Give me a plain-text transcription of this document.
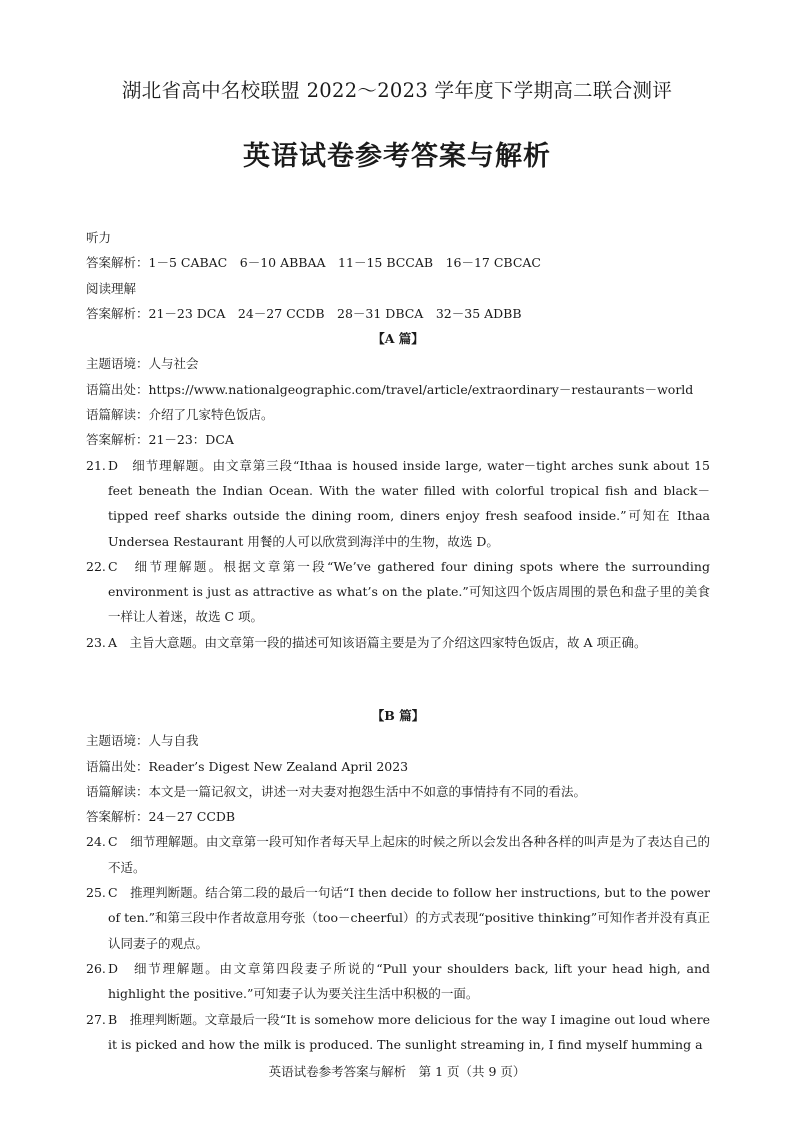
湖北省高中名校联盟 2022～2023 学年度下学期高二联合测评
英语试卷参考答案与解析
听力
答案解析：1－5 CABAC　6－10 ABBAA　11－15 BCCAB　16－17 CBCAC
阅读理解
答案解析：21－23 DCA　24－27 CCDB　28－31 DBCA　32－35 ADBB
【A 篇】
主题语境：人与社会
语篇出处：https://www.nationalgeographic.com/travel/article/extraordinary－restaurants－world
语篇解读：介绍了几家特色饭店。
答案解析：21－23：DCA
21. D　细节理解题。由文章第三段“Ithaa is housed inside large, water－tight arches sunk about 15 feet beneath the Indian Ocean. With the water filled with colorful tropical fish and black－tipped reef sharks outside the dining room, diners enjoy fresh seafood inside.”可知在 Ithaa Undersea Restaurant 用餐的人可以欣赏到海洋中的生物，故选 D。
22. C　细节理解题。根据文章第一段“We’ve gathered four dining spots where the surrounding environment is just as attractive as what’s on the plate.”可知这四个饭店周围的景色和盘子里的美食一样让人着迷，故选 C 项。
23. A　主旨大意题。由文章第一段的描述可知该语篇主要是为了介绍这四家特色饭店，故 A 项正确。
【B 篇】
主题语境：人与自我
语篇出处：Reader’s Digest New Zealand April 2023
语篇解读：本文是一篇记叙文，讲述一对夫妻对抱怨生活中不如意的事情持有不同的看法。
答案解析：24－27 CCDB
24. C　细节理解题。由文章第一段可知作者每天早上起床的时候之所以会发出各种各样的叫声是为了表达自己的不适。
25. C　推理判断题。结合第二段的最后一句话“I then decide to follow her instructions, but to the power of ten.”和第三段中作者故意用夸张（too－cheerful）的方式表现“positive thinking”可知作者并没有真正认同妻子的观点。
26. D　细节理解题。由文章第四段妻子所说的“Pull your shoulders back, lift your head high, and highlight the positive.”可知妻子认为要关注生活中积极的一面。
27. B　推理判断题。文章最后一段“It is somehow more delicious for the way I imagine out loud where it is picked and how the milk is produced. The sunlight streaming in, I find myself humming a
英语试卷参考答案与解析　第 1 页（共 9 页）
